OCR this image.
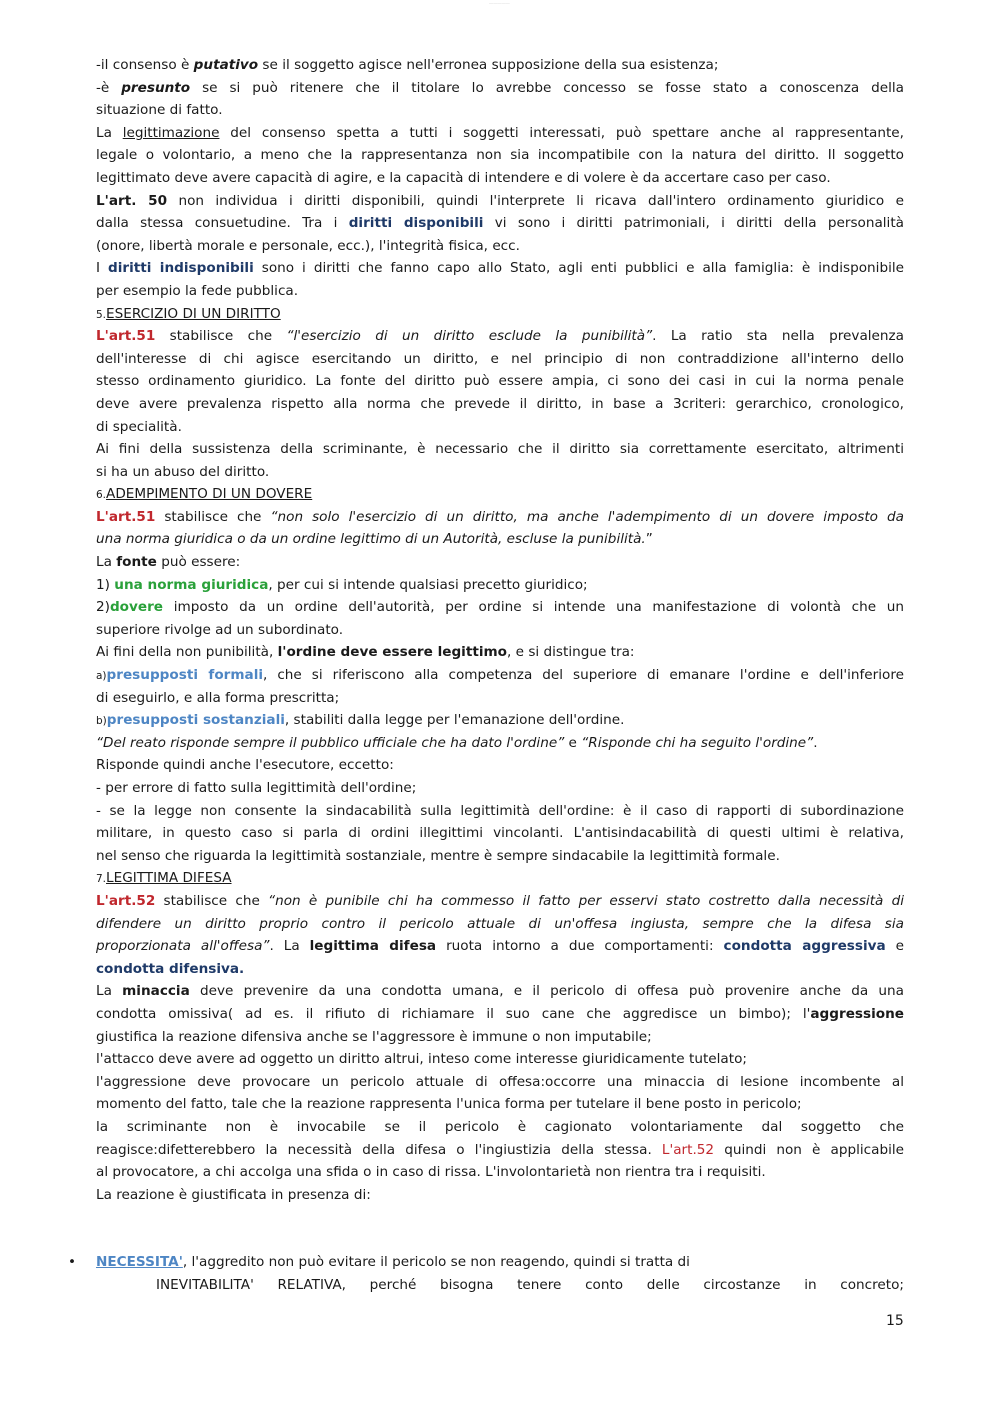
—————
-il consenso è putativo se il soggetto agisce nell'erronea supposizione della sua esistenza;
-è presunto se si può ritenere che il titolare lo avrebbe concesso se fosse stato a conoscenza della
situazione di fatto.
La legittimazione del consenso spetta a tutti i soggetti interessati, può spettare anche al rappresentante,
legale o volontario, a meno che la rappresentanza non sia incompatibile con la natura del diritto. Il soggetto
legittimato deve avere capacità di agire, e la capacità di intendere e di volere è da accertare caso per caso.
L'art. 50 non individua i diritti disponibili, quindi l'interprete li ricava dall'intero ordinamento giuridico e
dalla stessa consuetudine. Tra i diritti disponibili vi sono i diritti patrimoniali, i diritti della personalità
(onore, libertà morale e personale, ecc.), l'integrità fisica, ecc.
I diritti indisponibili sono i diritti che fanno capo allo Stato, agli enti pubblici e alla famiglia: è indisponibile
per esempio la fede pubblica.
5.ESERCIZIO DI UN DIRITTO
L'art.51 stabilisce che “l'esercizio di un diritto esclude la punibilità”. La ratio sta nella prevalenza
dell'interesse di chi agisce esercitando un diritto, e nel principio di non contraddizione all'interno dello
stesso ordinamento giuridico. La fonte del diritto può essere ampia, ci sono dei casi in cui la norma penale
deve avere prevalenza rispetto alla norma che prevede il diritto, in base a 3criteri: gerarchico, cronologico,
di specialità.
Ai fini della sussistenza della scriminante, è necessario che il diritto sia correttamente esercitato, altrimenti
si ha un abuso del diritto.
6.ADEMPIMENTO DI UN DOVERE
L'art.51 stabilisce che “non solo l'esercizio di un diritto, ma anche l'adempimento di un dovere imposto da
una norma giuridica o da un ordine legittimo di un Autorità, escluse la punibilità.”
La fonte può essere:
1) una norma giuridica, per cui si intende qualsiasi precetto giuridico;
2)dovere imposto da un ordine dell'autorità, per ordine si intende una manifestazione di volontà che un
superiore rivolge ad un subordinato.
Ai fini della non punibilità, l'ordine deve essere legittimo, e si distingue tra:
a)presupposti formali, che si riferiscono alla competenza del superiore di emanare l'ordine e dell'inferiore
di eseguirlo, e alla forma prescritta;
b)presupposti sostanziali, stabiliti dalla legge per l'emanazione dell'ordine.
“Del reato risponde sempre il pubblico ufficiale che ha dato l'ordine” e “Risponde chi ha seguito l'ordine”.
Risponde quindi anche l'esecutore, eccetto:
- per errore di fatto sulla legittimità dell'ordine;
- se la legge non consente la sindacabilità sulla legittimità dell'ordine: è il caso di rapporti di subordinazione
militare, in questo caso si parla di ordini illegittimi vincolanti. L'antisindacabilità di questi ultimi è relativa,
nel senso che riguarda la legittimità sostanziale, mentre è sempre sindacabile la legittimità formale.
7.LEGITTIMA DIFESA
L'art.52 stabilisce che “non è punibile chi ha commesso il fatto per esservi stato costretto dalla necessità di
difendere un diritto proprio contro il pericolo attuale di un'offesa ingiusta, sempre che la difesa sia
proporzionata all'offesa”. La legittima difesa ruota intorno a due comportamenti: condotta aggressiva e
condotta difensiva.
La minaccia deve prevenire da una condotta umana, e il pericolo di offesa può provenire anche da una
condotta omissiva( ad es. il rifiuto di richiamare il suo cane che aggredisce un bimbo); l'aggressione
giustifica la reazione difensiva anche se l'aggressore è immune o non imputabile;
l'attacco deve avere ad oggetto un diritto altrui, inteso come interesse giuridicamente tutelato;
l'aggressione deve provocare un pericolo attuale di offesa:occorre una minaccia di lesione incombente al
momento del fatto, tale che la reazione rappresenta l'unica forma per tutelare il bene posto in pericolo;
la scriminante non è invocabile se il pericolo è cagionato volontariamente dal soggetto che
reagisce:difetterebbero la necessità della difesa o l'ingiustizia della stessa. L'art.52 quindi non è applicabile
al provocatore, a chi accolga una sfida o in caso di rissa. L'involontarietà non rientra tra i requisiti.
La reazione è giustificata in presenza di:
• NECESSITA', l'aggredito non può evitare il pericolo se non reagendo, quindi si tratta di
INEVITABILITA' RELATIVA, perché bisogna tenere conto delle circostanze in concreto;
15
